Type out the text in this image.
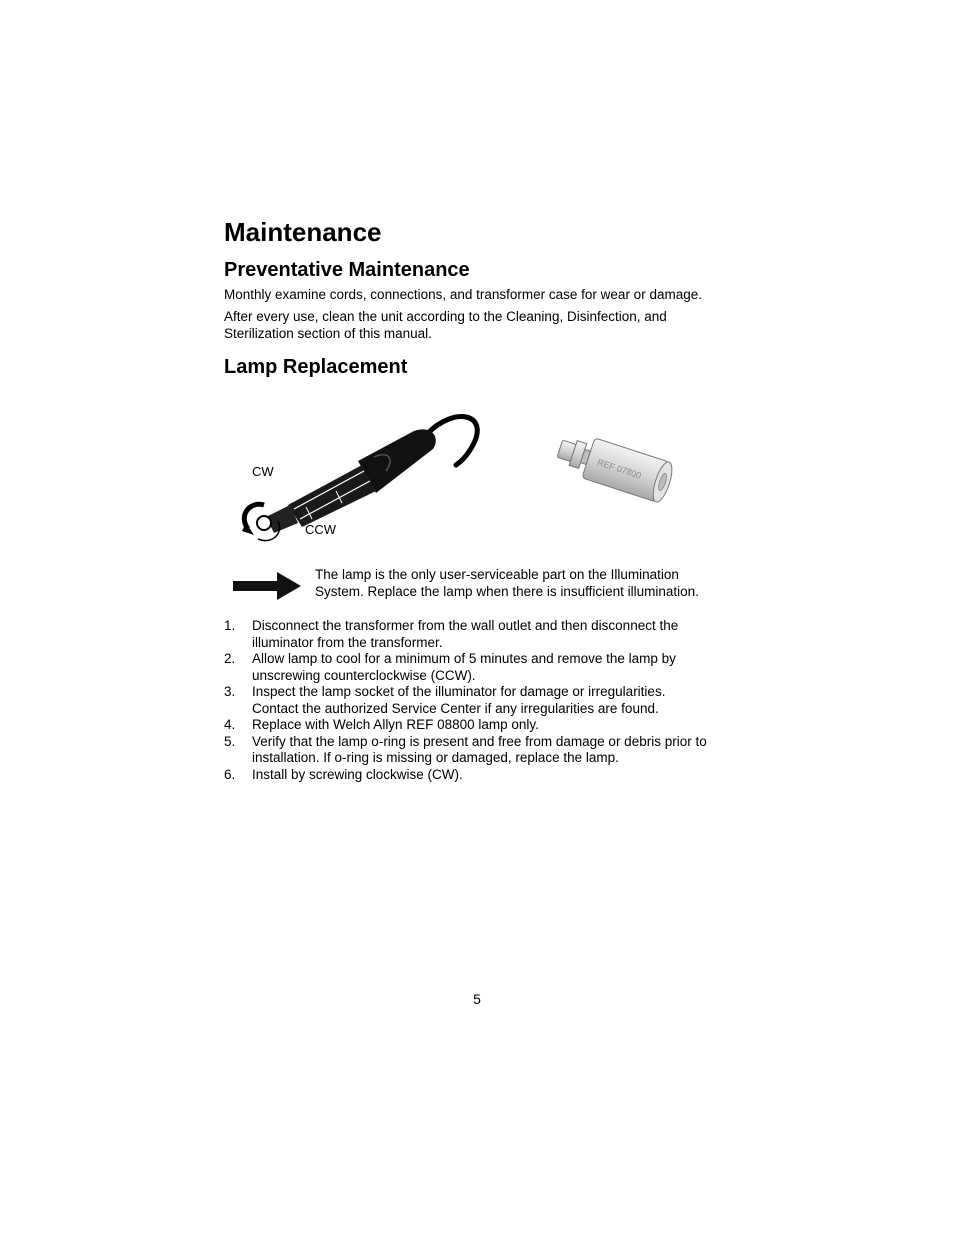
Maintenance
Preventative Maintenance
Monthly examine cords, connections, and transformer case for wear or damage.
After every use, clean the unit according to the Cleaning, Disinfection, and
Sterilization section of this manual.
Lamp Replacement
CW
CCW
REF 07800
The lamp is the only user-serviceable part on the Illumination
System. Replace the lamp when there is insufficient illumination.
1. Disconnect the transformer from the wall outlet and then disconnect the
illuminator from the transformer.
2. Allow lamp to cool for a minimum of 5 minutes and remove the lamp by
unscrewing counterclockwise (CCW).
3. Inspect the lamp socket of the illuminator for damage or irregularities.
Contact the authorized Service Center if any irregularities are found.
4. Replace with Welch Allyn REF 08800 lamp only.
5. Verify that the lamp o-ring is present and free from damage or debris prior to
installation. If o-ring is missing or damaged, replace the lamp.
6. Install by screwing clockwise (CW).
5
